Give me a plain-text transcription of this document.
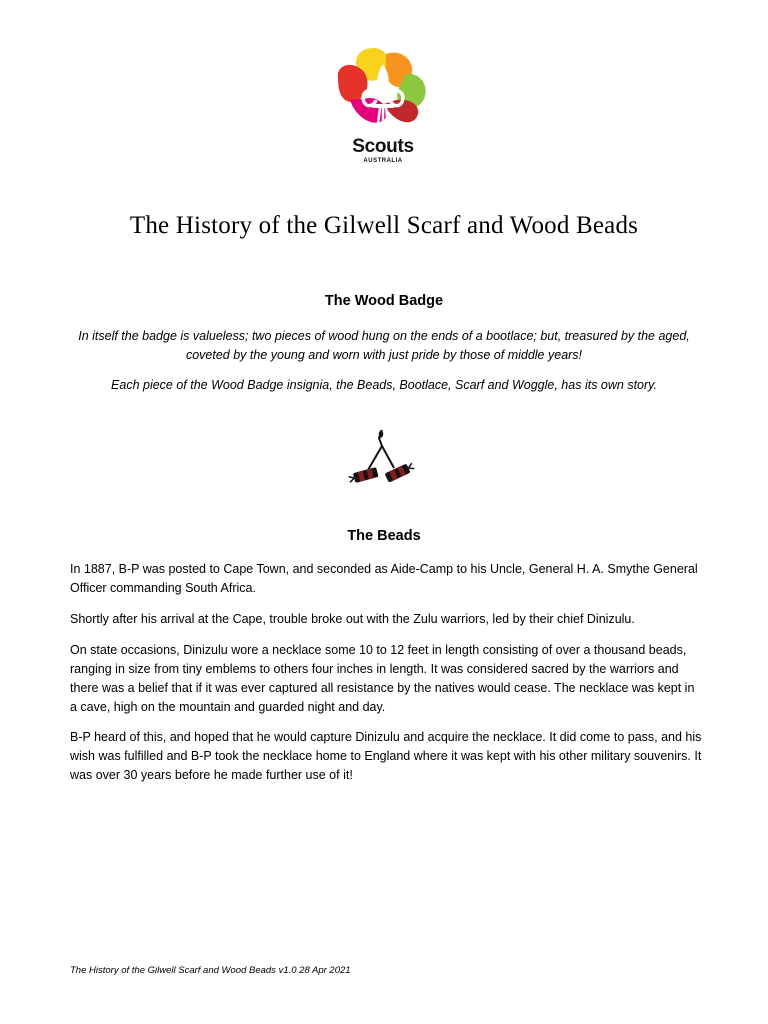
Scouts
AUSTRALIA
The History of the Gilwell Scarf and Wood Beads
The Wood Badge
In itself the badge is valueless; two pieces of wood hung on the ends of a bootlace; but, treasured by the aged, coveted by the young and worn with just pride by those of middle years!
Each piece of the Wood Badge insignia, the Beads, Bootlace, Scarf and Woggle, has its own story.
The Beads
In 1887, B-P was posted to Cape Town, and seconded as Aide-Camp to his Uncle, General H. A. Smythe General Officer commanding South Africa.
Shortly after his arrival at the Cape, trouble broke out with the Zulu warriors, led by their chief Dinizulu.
On state occasions, Dinizulu wore a necklace some 10 to 12 feet in length consisting of over a thousand beads, ranging in size from tiny emblems to others four inches in length. It was considered sacred by the warriors and there was a belief that if it was ever captured all resistance by the natives would cease. The necklace was kept in a cave, high on the mountain and guarded night and day.
B-P heard of this, and hoped that he would capture Dinizulu and acquire the necklace. It did come to pass, and his wish was fulfilled and B-P took the necklace home to England where it was kept with his other military souvenirs. It was over 30 years before he made further use of it!
The History of the Gilwell Scarf and Wood Beads v1.0 28 Apr 2021
